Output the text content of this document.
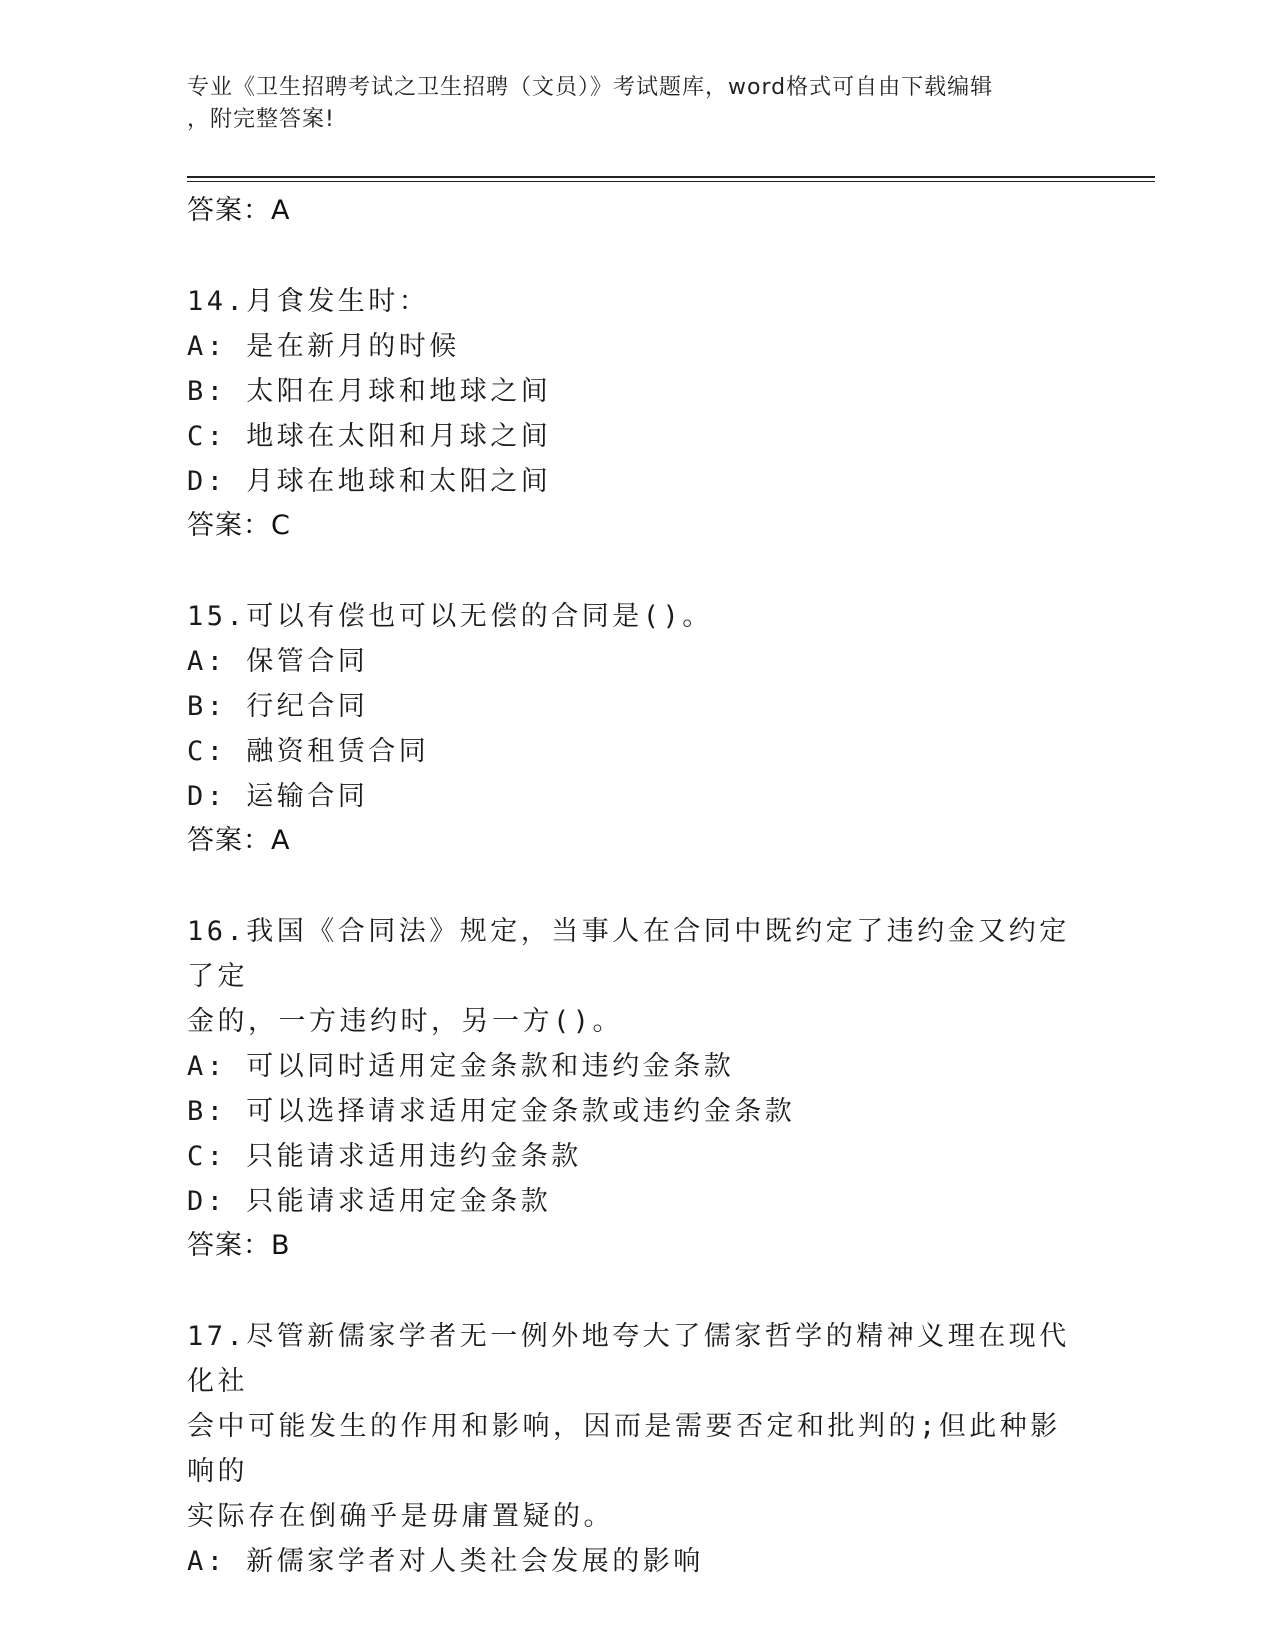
专业《卫生招聘考试之卫生招聘（文员）》考试题库，word格式可自由下载编辑
，附完整答案!
答案：A
14.月食发生时：
A: 是在新月的时候
B: 太阳在月球和地球之间
C: 地球在太阳和月球之间
D: 月球在地球和太阳之间
答案：C
15.可以有偿也可以无偿的合同是()。
A: 保管合同
B: 行纪合同
C: 融资租赁合同
D: 运输合同
答案：A
16.我国《合同法》规定，当事人在合同中既约定了违约金又约定了定
金的，一方违约时，另一方()。
A: 可以同时适用定金条款和违约金条款
B: 可以选择请求适用定金条款或违约金条款
C: 只能请求适用违约金条款
D: 只能请求适用定金条款
答案：B
17.尽管新儒家学者无一例外地夸大了儒家哲学的精神义理在现代化社
会中可能发生的作用和影响，因而是需要否定和批判的;但此种影响的
实际存在倒确乎是毋庸置疑的。
A: 新儒家学者对人类社会发展的影响
